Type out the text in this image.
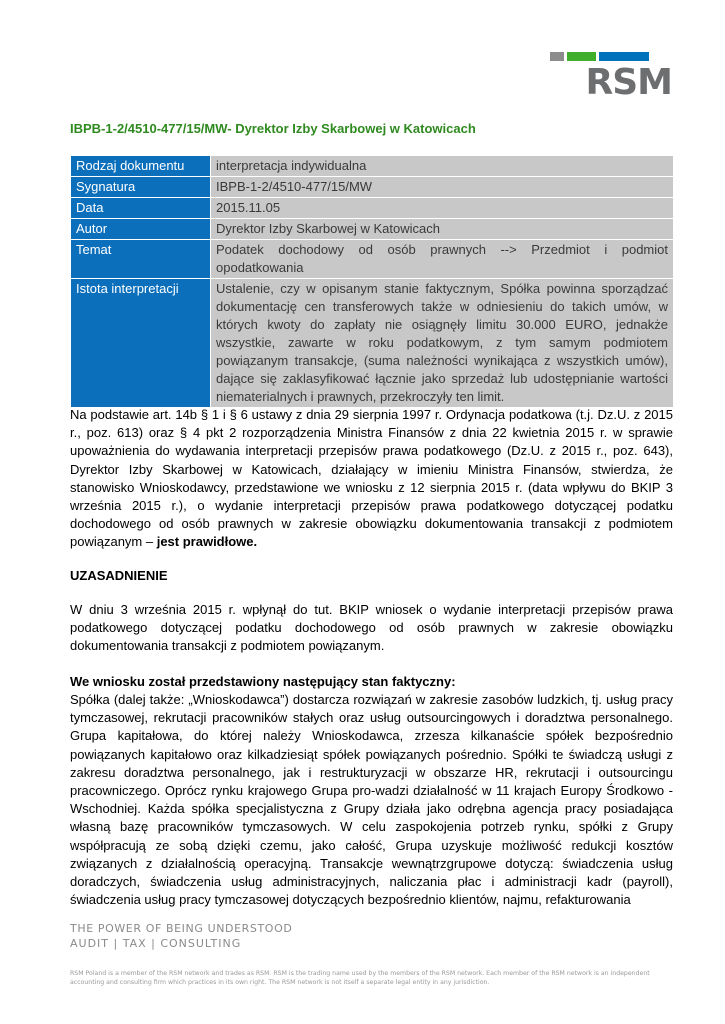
RSM
IBPB-1-2/4510-477/15/MW- Dyrektor Izby Skarbowej w Katowicach
Rodzaj dokumentu	interpretacja indywidualna
Sygnatura	IBPB-1-2/4510-477/15/MW
Data	2015.11.05
Autor	Dyrektor Izby Skarbowej w Katowicach
Temat	Podatek dochodowy od osób prawnych --> Przedmiot i podmiot opodatkowania
Istota interpretacji	Ustalenie, czy w opisanym stanie faktycznym, Spółka powinna sporządzać dokumentację cen transferowych także w odniesieniu do takich umów, w których kwoty do zapłaty nie osiągnęły limitu 30.000 EURO, jednakże wszystkie, zawarte w roku podatkowym, z tym samym podmiotem powiązanym transakcje, (suma należności wynikająca z wszystkich umów), dające się zaklasyfikować łącznie jako sprzedaż lub udostępnianie wartości niematerialnych i prawnych, przekroczyły ten limit.
Na podstawie art. 14b § 1 i § 6 ustawy z dnia 29 sierpnia 1997 r. Ordynacja podatkowa (t.j. Dz.U. z 2015 r., poz. 613) oraz § 4 pkt 2 rozporządzenia Ministra Finansów z dnia 22 kwietnia 2015 r. w sprawie upoważnienia do wydawania interpretacji przepisów prawa podatkowego (Dz.U. z 2015 r., poz. 643), Dyrektor Izby Skarbowej w Katowicach, działający w imieniu Ministra Finansów, stwierdza, że stanowisko Wnioskodawcy, przedstawione we wniosku z 12 sierpnia 2015 r. (data wpływu do BKIP 3 września 2015 r.), o wydanie interpretacji przepisów prawa podatkowego dotyczącej podatku dochodowego od osób prawnych w zakresie obowiązku dokumentowania transakcji z podmiotem powiązanym – jest prawidłowe.
UZASADNIENIE
W dniu 3 września 2015 r. wpłynął do tut. BKIP wniosek o wydanie interpretacji przepisów prawa podatkowego dotyczącej podatku dochodowego od osób prawnych w zakresie obowiązku dokumentowania transakcji z podmiotem powiązanym.
We wniosku został przedstawiony następujący stan faktyczny:
Spółka (dalej także: „Wnioskodawca”) dostarcza rozwiązań w zakresie zasobów ludzkich, tj. usług pracy tymczasowej, rekrutacji pracowników stałych oraz usług outsourcingowych i doradztwa personalnego. Grupa kapitałowa, do której należy Wnioskodawca, zrzesza kilkanaście spółek bezpośrednio powiązanych kapitałowo oraz kilkadziesiąt spółek powiązanych pośrednio. Spółki te świadczą usługi z zakresu doradztwa personalnego, jak i restrukturyzacji w obszarze HR, rekrutacji i outsourcingu pracowniczego. Oprócz rynku krajowego Grupa pro-wadzi działalność w 11 krajach Europy Środkowo - Wschodniej. Każda spółka specjalistyczna z Grupy działa jako odrębna agencja pracy posiadająca własną bazę pracowników tymczasowych. W celu zaspokojenia potrzeb rynku, spółki z Grupy współpracują ze sobą dzięki czemu, jako całość, Grupa uzyskuje możliwość redukcji kosztów związanych z działalnością operacyjną. Transakcje wewnątrzgrupowe dotyczą: świadczenia usług doradczych, świadczenia usług administracyjnych, naliczania płac i administracji kadr (payroll), świadczenia usług pracy tymczasowej dotyczących bezpośrednio klientów, najmu, refakturowania
THE POWER OF BEING UNDERSTOOD
AUDIT | TAX | CONSULTING
RSM Poland is a member of the RSM network and trades as RSM. RSM is the trading name used by the members of the RSM network. Each member of the RSM network is an independent accounting and consulting firm which practices in its own right. The RSM network is not itself a separate legal entity in any jurisdiction.
